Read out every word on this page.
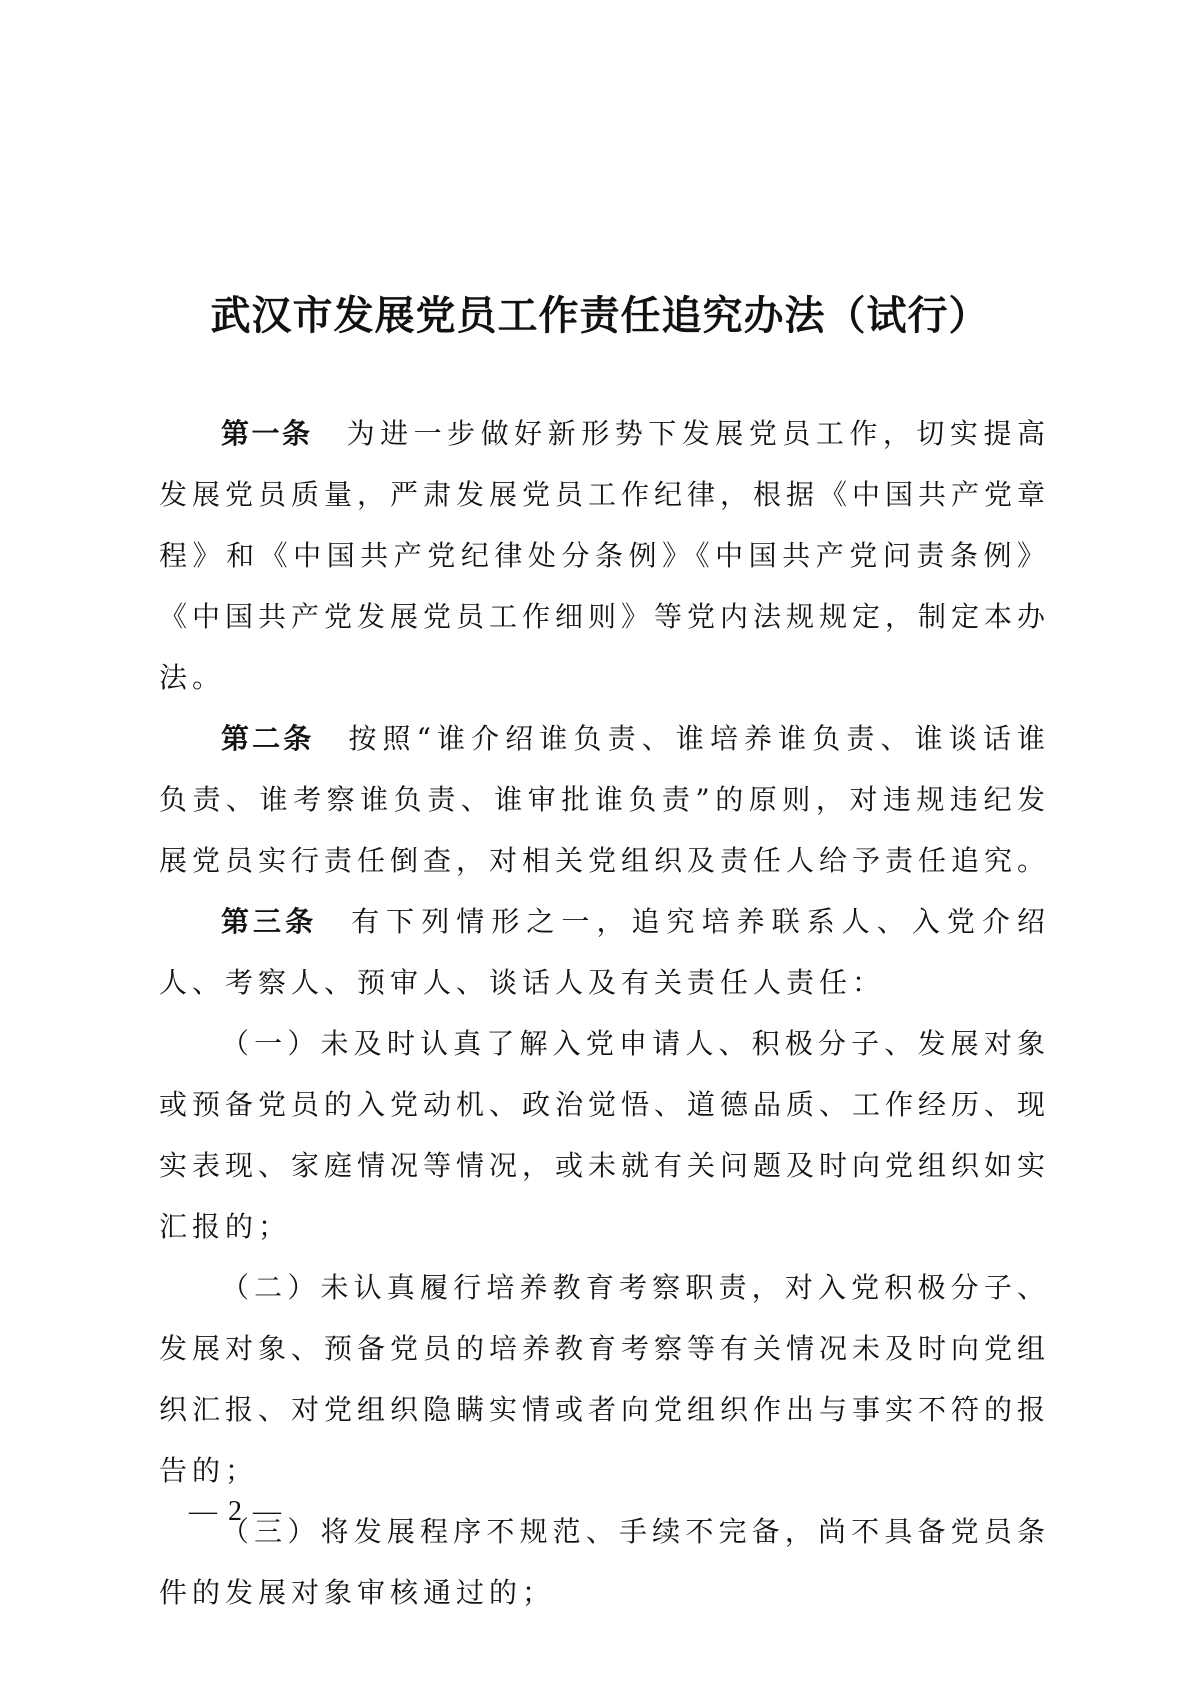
武汉市发展党员工作责任追究办法（试行）

第一条 为进一步做好新形势下发展党员工作，切实提高发展党员质量，严肃发展党员工作纪律，根据《中国共产党章程》和《中国共产党纪律处分条例》《中国共产党问责条例》《中国共产党发展党员工作细则》等党内法规规定，制定本办法。

第二条 按照“谁介绍谁负责、谁培养谁负责、谁谈话谁负责、谁考察谁负责、谁审批谁负责”的原则，对违规违纪发展党员实行责任倒查，对相关党组织及责任人给予责任追究。

第三条 有下列情形之一，追究培养联系人、入党介绍人、考察人、预审人、谈话人及有关责任人责任：

（一）未及时认真了解入党申请人、积极分子、发展对象或预备党员的入党动机、政治觉悟、道德品质、工作经历、现实表现、家庭情况等情况，或未就有关问题及时向党组织如实汇报的；

（二）未认真履行培养教育考察职责，对入党积极分子、发展对象、预备党员的培养教育考察等有关情况未及时向党组织汇报、对党组织隐瞒实情或者向党组织作出与事实不符的报告的；

（三）将发展程序不规范、手续不完备，尚不具备党员条件的发展对象审核通过的；

— 2 —
